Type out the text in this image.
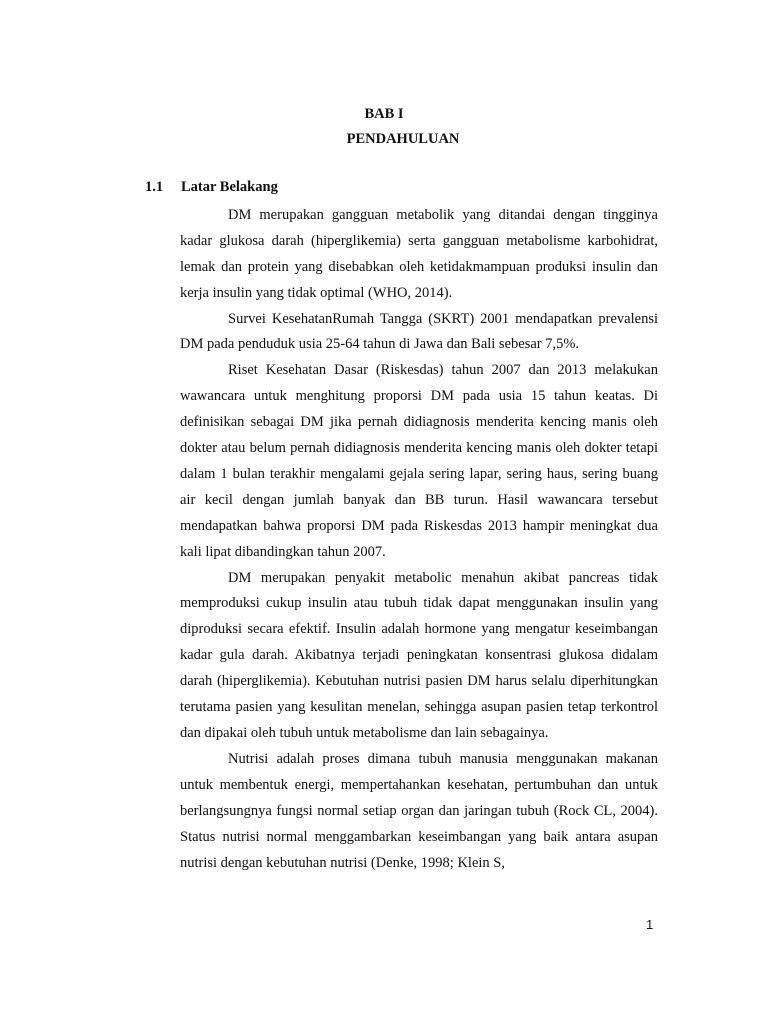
BAB I
PENDAHULUAN
1.1 Latar Belakang

DM merupakan gangguan metabolik yang ditandai dengan tingginya kadar glukosa darah (hiperglikemia) serta gangguan metabolisme karbohidrat, lemak dan protein yang disebabkan oleh ketidakmampuan produksi insulin dan kerja insulin yang tidak optimal (WHO, 2014).

Survei KesehatanRumah Tangga (SKRT) 2001 mendapatkan prevalensi DM pada penduduk usia 25-64 tahun di Jawa dan Bali sebesar 7,5%.

Riset Kesehatan Dasar (Riskesdas) tahun 2007 dan 2013 melakukan wawancara untuk menghitung proporsi DM pada usia 15 tahun keatas. Di definisikan sebagai DM jika pernah didiagnosis menderita kencing manis oleh dokter atau belum pernah didiagnosis menderita kencing manis oleh dokter tetapi dalam 1 bulan terakhir mengalami gejala sering lapar, sering haus, sering buang air kecil dengan jumlah banyak dan BB turun. Hasil wawancara tersebut mendapatkan bahwa proporsi DM pada Riskesdas 2013 hampir meningkat dua kali lipat dibandingkan tahun 2007.

DM merupakan penyakit metabolic menahun akibat pancreas tidak memproduksi cukup insulin atau tubuh tidak dapat menggunakan insulin yang diproduksi secara efektif. Insulin adalah hormone yang mengatur keseimbangan kadar gula darah. Akibatnya terjadi peningkatan konsentrasi glukosa didalam darah (hiperglikemia). Kebutuhan nutrisi pasien DM harus selalu diperhitungkan terutama pasien yang kesulitan menelan, sehingga asupan pasien tetap terkontrol dan dipakai oleh tubuh untuk metabolisme dan lain sebagainya.

Nutrisi adalah proses dimana tubuh manusia menggunakan makanan untuk membentuk energi, mempertahankan kesehatan, pertumbuhan dan untuk berlangsungnya fungsi normal setiap organ dan jaringan tubuh (Rock CL, 2004). Status nutrisi normal menggambarkan keseimbangan yang baik antara asupan nutrisi dengan kebutuhan nutrisi (Denke, 1998; Klein S,

1
